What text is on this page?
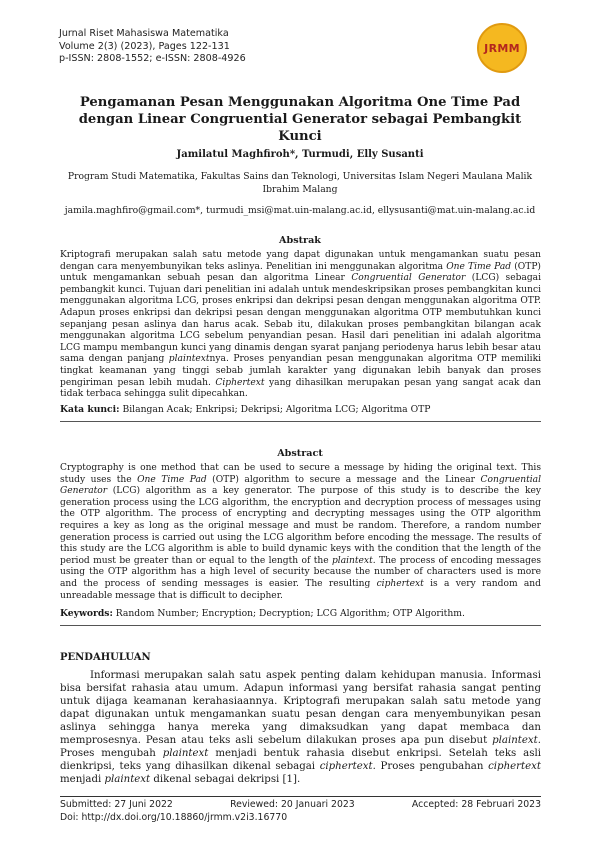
Jurnal Riset Mahasiswa Matematika
Volume 2(3) (2023), Pages 122-131
p-ISSN: 2808-1552; e-ISSN: 2808-4926
JRMM
Pengamanan Pesan Menggunakan Algoritma One Time Pad dengan Linear Congruential Generator sebagai Pembangkit Kunci
Jamilatul Maghfiroh*, Turmudi, Elly Susanti
Program Studi Matematika, Fakultas Sains dan Teknologi, Universitas Islam Negeri Maulana Malik Ibrahim Malang
jamila.maghfiro@gmail.com*, turmudi_msi@mat.uin-malang.ac.id, ellysusanti@mat.uin-malang.ac.id
Abstrak
Kriptografi merupakan salah satu metode yang dapat digunakan untuk mengamankan suatu pesan dengan cara menyembunyikan teks aslinya. Penelitian ini menggunakan algoritma One Time Pad (OTP) untuk mengamankan sebuah pesan dan algoritma Linear Congruential Generator (LCG) sebagai pembangkit kunci. Tujuan dari penelitian ini adalah untuk mendeskripsikan proses pembangkitan kunci menggunakan algoritma LCG, proses enkripsi dan dekripsi pesan dengan menggunakan algoritma OTP. Adapun proses enkripsi dan dekripsi pesan dengan menggunakan algoritma OTP membutuhkan kunci sepanjang pesan aslinya dan harus acak. Sebab itu, dilakukan proses pembangkitan bilangan acak menggunakan algoritma LCG sebelum penyandian pesan. Hasil dari penelitian ini adalah algoritma LCG mampu membangun kunci yang dinamis dengan syarat panjang periodenya harus lebih besar atau sama dengan panjang plaintextnya. Proses penyandian pesan menggunakan algoritma OTP memiliki tingkat keamanan yang tinggi sebab jumlah karakter yang digunakan lebih banyak dan proses pengiriman pesan lebih mudah. Ciphertext yang dihasilkan merupakan pesan yang sangat acak dan tidak terbaca sehingga sulit dipecahkan.
Kata kunci: Bilangan Acak; Enkripsi; Dekripsi; Algoritma LCG; Algoritma OTP
Abstract
Cryptography is one method that can be used to secure a message by hiding the original text. This study uses the One Time Pad (OTP) algorithm to secure a message and the Linear Congruential Generator (LCG) algorithm as a key generator. The purpose of this study is to describe the key generation process using the LCG algorithm, the encryption and decryption process of messages using the OTP algorithm. The process of encrypting and decrypting messages using the OTP algorithm requires a key as long as the original message and must be random. Therefore, a random number generation process is carried out using the LCG algorithm before encoding the message. The results of this study are the LCG algorithm is able to build dynamic keys with the condition that the length of the period must be greater than or equal to the length of the plaintext. The process of encoding messages using the OTP algorithm has a high level of security because the number of characters used is more and the process of sending messages is easier. The resulting ciphertext is a very random and unreadable message that is difficult to decipher.
Keywords: Random Number; Encryption; Decryption; LCG Algorithm; OTP Algorithm.
PENDAHULUAN
Informasi merupakan salah satu aspek penting dalam kehidupan manusia. Informasi bisa bersifat rahasia atau umum. Adapun informasi yang bersifat rahasia sangat penting untuk dijaga keamanan kerahasiaannya. Kriptografi merupakan salah satu metode yang dapat digunakan untuk mengamankan suatu pesan dengan cara menyembunyikan pesan aslinya sehingga hanya mereka yang dimaksudkan yang dapat membaca dan memprosesnya. Pesan atau teks asli sebelum dilakukan proses apa pun disebut plaintext. Proses mengubah plaintext menjadi bentuk rahasia disebut enkripsi. Setelah teks asli dienkripsi, teks yang dihasilkan dikenal sebagai ciphertext. Proses pengubahan ciphertext menjadi plaintext dikenal sebagai dekripsi [1].
Submitted: 27 Juni 2022	Reviewed: 20 Januari 2023	Accepted: 28 Februari 2023
Doi: http://dx.doi.org/10.18860/jrmm.v2i3.16770
